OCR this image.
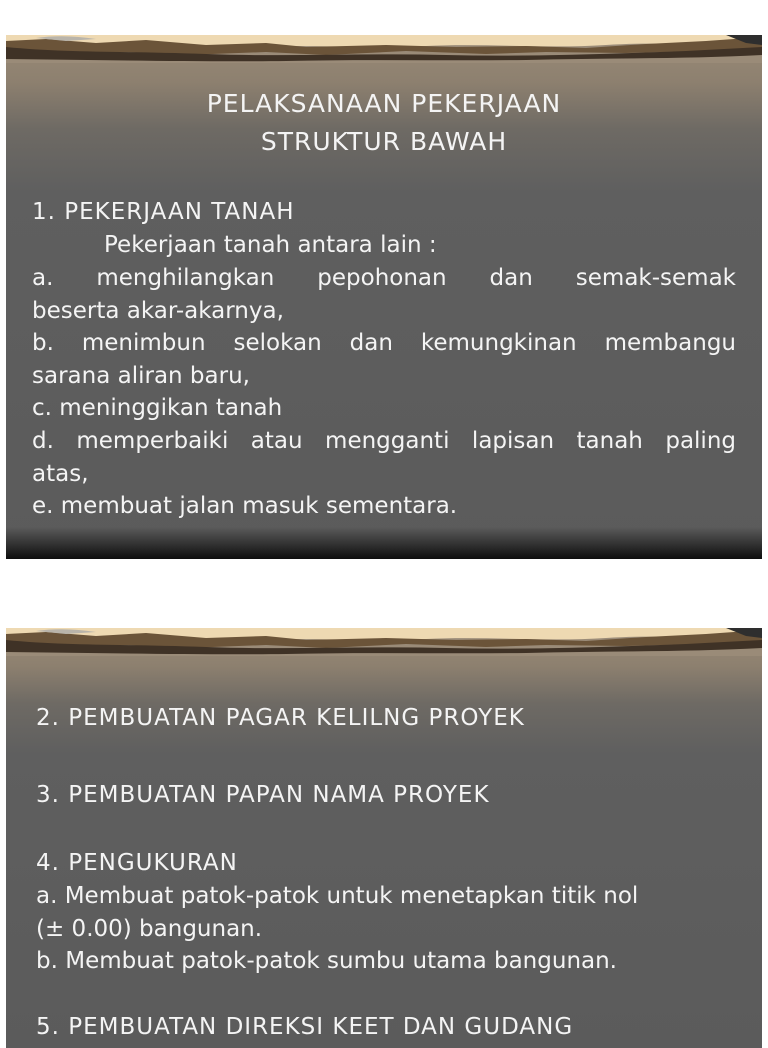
PELAKSANAAN PEKERJAAN
STRUKTUR BAWAH
1. PEKERJAAN TANAH
Pekerjaan tanah antara lain :
a. menghilangkan pepohonan dan semak-semak
beserta akar-akarnya,
b. menimbun selokan dan kemungkinan membangu
sarana aliran baru,
c. meninggikan tanah
d. memperbaiki atau mengganti lapisan tanah paling
atas,
e. membuat jalan masuk sementara.
2. PEMBUATAN PAGAR KELILNG PROYEK
3. PEMBUATAN PAPAN NAMA PROYEK
4. PENGUKURAN
a. Membuat patok-patok untuk menetapkan titik nol
(± 0.00) bangunan.
b. Membuat patok-patok sumbu utama bangunan.
5. PEMBUATAN DIREKSI KEET DAN GUDANG
